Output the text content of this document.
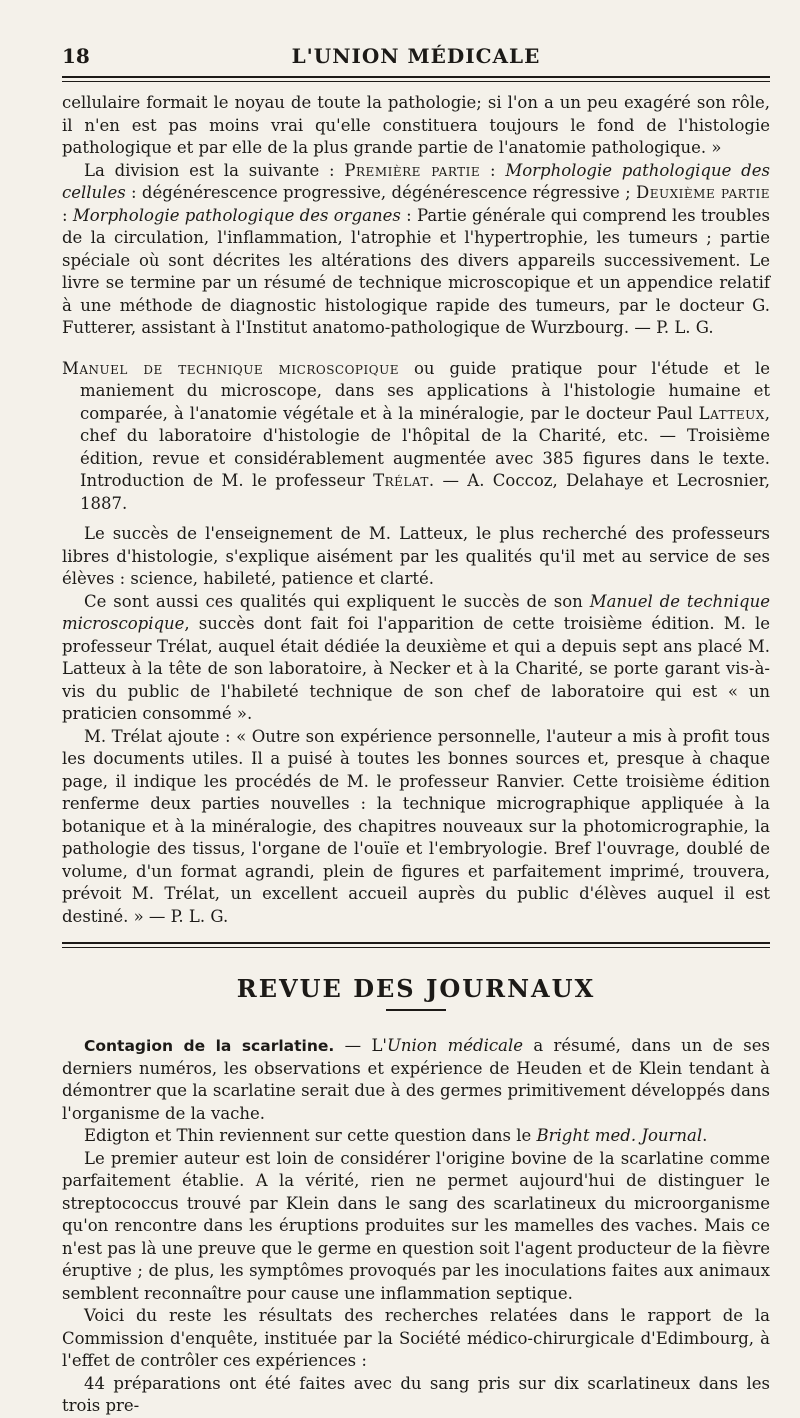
18	L'UNION MÉDICALE

cellulaire formait le noyau de toute la pathologie; si l'on a un peu exagéré son rôle, il n'en est pas moins vrai qu'elle constituera toujours le fond de l'histologie pathologique et par elle de la plus grande partie de l'anatomie pathologique. »

La division est la suivante : Première partie : Morphologie pathologique des cellules : dégénérescence progressive, dégénérescence régressive ; Deuxième partie : Morphologie pathologique des organes : Partie générale qui comprend les troubles de la circulation, l'inflammation, l'atrophie et l'hypertrophie, les tumeurs ; partie spéciale où sont décrites les altérations des divers appareils successivement. Le livre se termine par un résumé de technique microscopique et un appendice relatif à une méthode de diagnostic histologique rapide des tumeurs, par le docteur G. Futterer, assistant à l'Institut anatomo-pathologique de Wurzbourg. — P. L. G.

Manuel de technique microscopique ou guide pratique pour l'étude et le maniement du microscope, dans ses applications à l'histologie humaine et comparée, à l'anatomie végétale et à la minéralogie, par le docteur Paul Latteux, chef du laboratoire d'histologie de l'hôpital de la Charité, etc. — Troisième édition, revue et considérablement augmentée avec 385 figures dans le texte. Introduction de M. le professeur Trélat. — A. Coccoz, Delahaye et Lecrosnier, 1887.

Le succès de l'enseignement de M. Latteux, le plus recherché des professeurs libres d'histologie, s'explique aisément par les qualités qu'il met au service de ses élèves : science, habileté, patience et clarté.

Ce sont aussi ces qualités qui expliquent le succès de son Manuel de technique microscopique, succès dont fait foi l'apparition de cette troisième édition. M. le professeur Trélat, auquel était dédiée la deuxième et qui a depuis sept ans placé M. Latteux à la tête de son laboratoire, à Necker et à la Charité, se porte garant vis-à-vis du public de l'habileté technique de son chef de laboratoire qui est « un praticien consommé ».

M. Trélat ajoute : « Outre son expérience personnelle, l'auteur a mis à profit tous les documents utiles. Il a puisé à toutes les bonnes sources et, presque à chaque page, il indique les procédés de M. le professeur Ranvier. Cette troisième édition renferme deux parties nouvelles : la technique micrographique appliquée à la botanique et à la minéralogie, des chapitres nouveaux sur la photomicrographie, la pathologie des tissus, l'organe de l'ouïe et l'embryologie. Bref l'ouvrage, doublé de volume, d'un format agrandi, plein de figures et parfaitement imprimé, trouvera, prévoit M. Trélat, un excellent accueil auprès du public d'élèves auquel il est destiné. » — P. L. G.

REVUE DES JOURNAUX

Contagion de la scarlatine. — L'Union médicale a résumé, dans un de ses derniers numéros, les observations et expérience de Heuden et de Klein tendant à démontrer que la scarlatine serait due à des germes primitivement développés dans l'organisme de la vache.

Edigton et Thin reviennent sur cette question dans le Bright med. Journal.

Le premier auteur est loin de considérer l'origine bovine de la scarlatine comme parfaitement établie. A la vérité, rien ne permet aujourd'hui de distinguer le streptococcus trouvé par Klein dans le sang des scarlatineux du microorganisme qu'on rencontre dans les éruptions produites sur les mamelles des vaches. Mais ce n'est pas là une preuve que le germe en question soit l'agent producteur de la fièvre éruptive ; de plus, les symptômes provoqués par les inoculations faites aux animaux semblent reconnaître pour cause une inflammation septique.

Voici du reste les résultats des recherches relatées dans le rapport de la Commission d'enquête, instituée par la Société médico-chirurgicale d'Edimbourg, à l'effet de contrôler ces expériences :

44 préparations ont été faites avec du sang pris sur dix scarlatineux dans les trois pre-
